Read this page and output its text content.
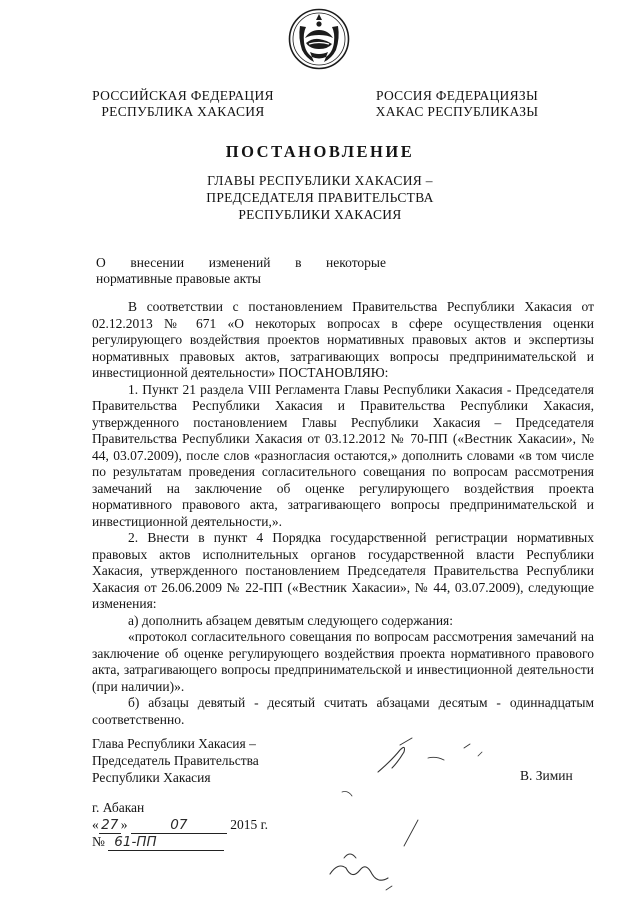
РОССИЙСКАЯ ФЕДЕРАЦИЯ
РЕСПУБЛИКА ХАКАСИЯ
РОССИЯ ФЕДЕРАЦИЯЗЫ
ХАКАС РЕСПУБЛИКАЗЫ
ПОСТАНОВЛЕНИЕ
ГЛАВЫ РЕСПУБЛИКИ ХАКАСИЯ –
ПРЕДСЕДАТЕЛЯ ПРАВИТЕЛЬСТВА
РЕСПУБЛИКИ ХАКАСИЯ
О внесении изменений в некоторые
нормативные правовые акты

В соответствии с постановлением Правительства Республики Хакасия от 02.12.2013 № 671 «О некоторых вопросах в сфере осуществления оценки регулирующего воздействия проектов нормативных правовых актов и экспертизы нормативных правовых актов, затрагивающих вопросы предпринимательской и инвестиционной деятельности» ПОСТАНОВЛЯЮ:

1. Пункт 21 раздела VIII Регламента Главы Республики Хакасия - Председателя Правительства Республики Хакасия и Правительства Республики Хакасия, утвержденного постановлением Главы Республики Хакасия – Председателя Правительства Республики Хакасия от 03.12.2012 № 70-ПП («Вестник Хакасии», № 44, 03.07.2009), после слов «разногласия остаются,» дополнить словами «в том числе по результатам проведения согласительного совещания по вопросам рассмотрения замечаний на заключение об оценке регулирующего воздействия проекта нормативного правового акта, затрагивающего вопросы предпринимательской и инвестиционной деятельности,».

2. Внести в пункт 4 Порядка государственной регистрации нормативных правовых актов исполнительных органов государственной власти Республики Хакасия, утвержденного постановлением Председателя Правительства Республики Хакасия от 26.06.2009 № 22-ПП («Вестник Хакасии», № 44, 03.07.2009), следующие изменения:

а) дополнить абзацем девятым следующего содержания:

«протокол согласительного совещания по вопросам рассмотрения замечаний на заключение об оценке регулирующего воздействия проекта нормативного правового акта, затрагивающего вопросы предпринимательской и инвестиционной деятельности (при наличии)».

б) абзацы девятый - десятый считать абзацами десятым - одиннадцатым соответственно.

Глава Республики Хакасия –
Председатель Правительства
Республики Хакасия	В. Зимин
г. Абакан
« 27 »	07	2015 г.
№ 61-ПП
